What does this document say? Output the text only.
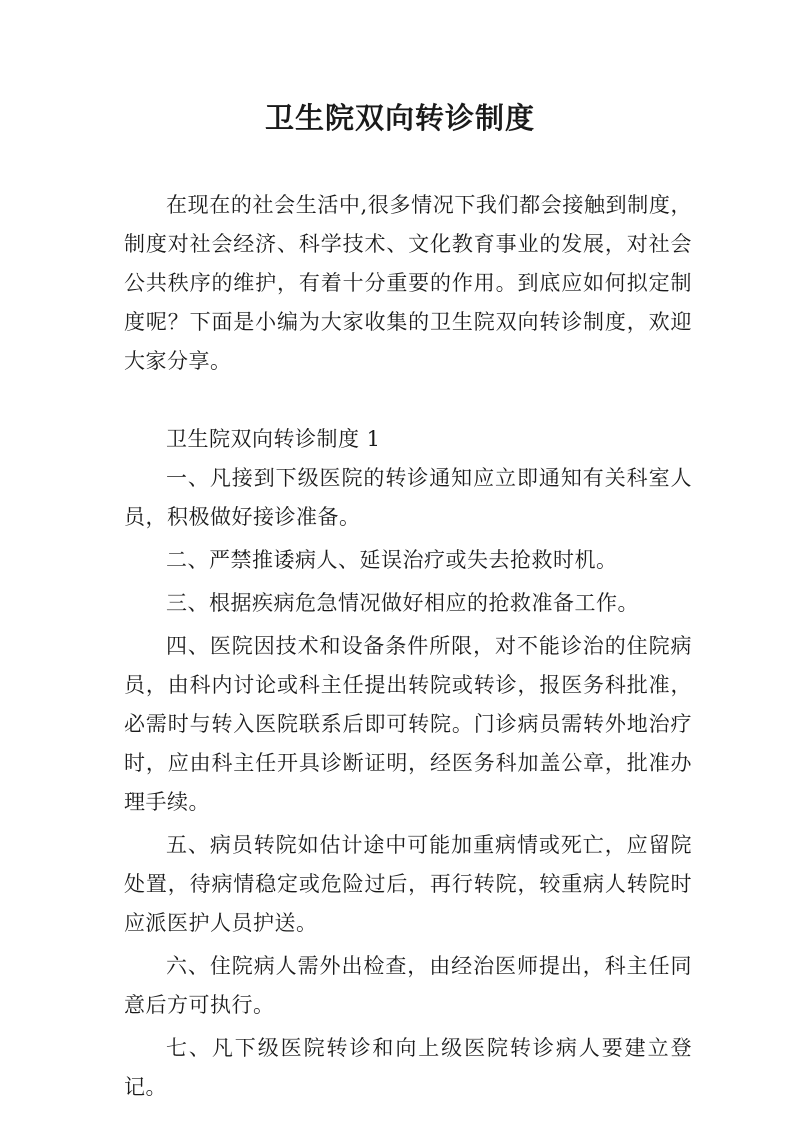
卫生院双向转诊制度

在现在的社会生活中,很多情况下我们都会接触到制度，制度对社会经济、科学技术、文化教育事业的发展，对社会公共秩序的维护，有着十分重要的作用。到底应如何拟定制度呢？下面是小编为大家收集的卫生院双向转诊制度，欢迎大家分享。

卫生院双向转诊制度 1

一、凡接到下级医院的转诊通知应立即通知有关科室人员，积极做好接诊准备。

二、严禁推诿病人、延误治疗或失去抢救时机。

三、根据疾病危急情况做好相应的抢救准备工作。

四、医院因技术和设备条件所限，对不能诊治的住院病员，由科内讨论或科主任提出转院或转诊，报医务科批准，必需时与转入医院联系后即可转院。门诊病员需转外地治疗时，应由科主任开具诊断证明，经医务科加盖公章，批准办理手续。

五、病员转院如估计途中可能加重病情或死亡，应留院处置，待病情稳定或危险过后，再行转院，较重病人转院时应派医护人员护送。

六、住院病人需外出检查，由经治医师提出，科主任同意后方可执行。

七、凡下级医院转诊和向上级医院转诊病人要建立登记。
